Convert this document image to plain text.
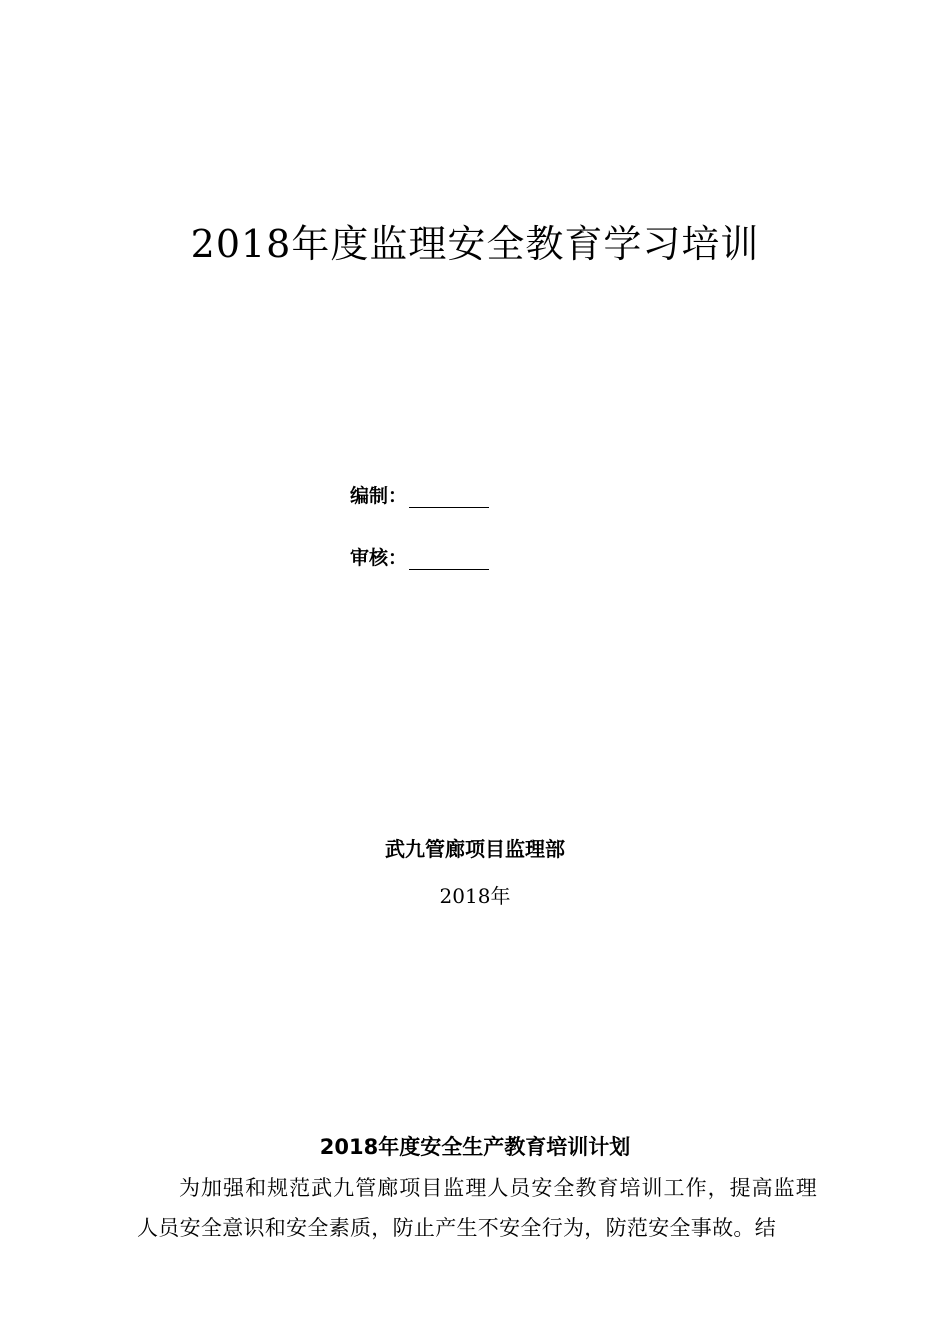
2018年度监理安全教育学习培训
编制：
审核：
武九管廊项目监理部
2018年
2018年度安全生产教育培训计划

为加强和规范武九管廊项目监理人员安全教育培训工作，提高监理人员安全意识和安全素质，防止产生不安全行为，防范安全事故。结
